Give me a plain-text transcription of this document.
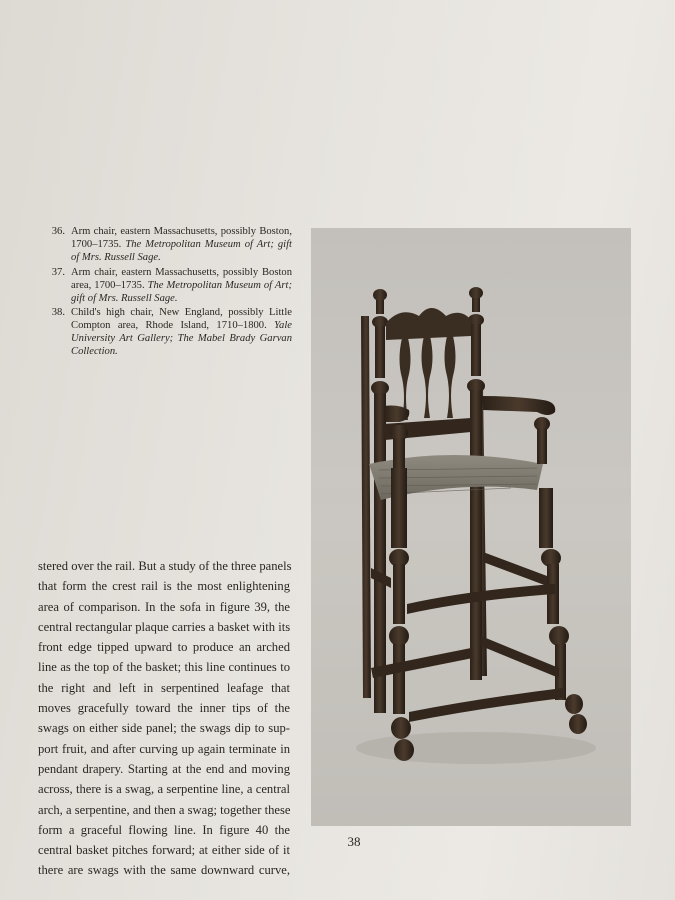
36. Arm chair, eastern Massachusetts, possibly Boston, 1700–1735. The Metropolitan Museum of Art; gift of Mrs. Russell Sage.
37. Arm chair, eastern Massachusetts, possibly Boston area, 1700–1735. The Metropolitan Museum of Art; gift of Mrs. Russell Sage.
38. Child's high chair, New England, possibly Little Compton area, Rhode Island, 1710–1800. Yale University Art Gallery; The Mabel Brady Garvan Collection.
stered over the rail. But a study of the three panels
that form the crest rail is the most enlightening
area of comparison. In the sofa in figure 39, the
central rectangular plaque carries a basket with its
front edge tipped upward to produce an arched
line as the top of the basket; this line continues to
the right and left in serpentined leafage that
moves gracefully toward the inner tips of the
swags on either side panel; the swags dip to sup-
port fruit, and after curving up again terminate in
pendant drapery. Starting at the end and moving
across, there is a swag, a serpentine line, a central
arch, a serpentine, and then a swag; together these
form a graceful flowing line. In figure 40 the
central basket pitches forward; at either side of it
there are swags with the same downward curve,
38
